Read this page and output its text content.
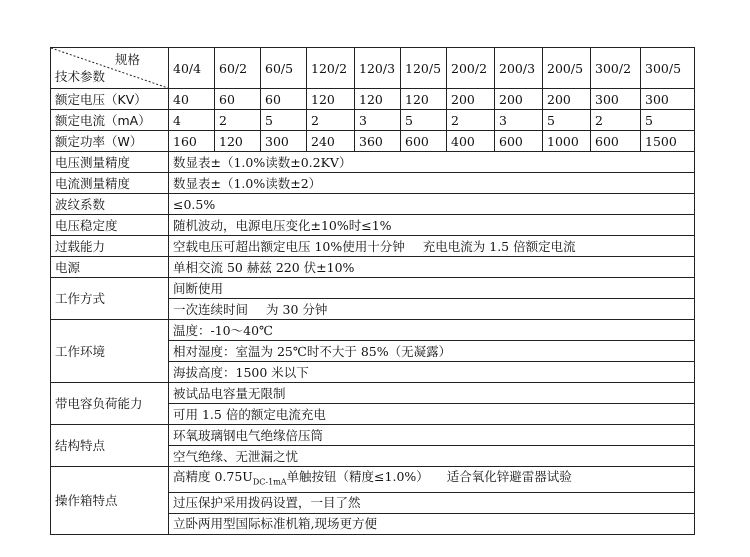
规格
技术参数	40/4	60/2	60/5	120/2	120/3	120/5	200/2	200/3	200/5	300/2	300/5
额定电压（KV）	40	60	60	120	120	120	200	200	200	300	300
额定电流（mA）	4	2	5	2	3	5	2	3	5	2	5
额定功率（W）	160	120	300	240	360	600	400	600	1000	600	1500
电压测量精度	数显表±（1.0%读数±0.2KV）										
电流测量精度	数显表±（1.0%读数±2）										
波纹系数	≤0.5%										
电压稳定度	随机波动，电源电压变化±10%时≤1%										
过载能力	空载电压可超出额定电压 10%使用十分钟 充电电流为 1.5 倍额定电流										
电源	单相交流 50 赫兹 220 伏±10%										
工作方式	间断使用										
	一次连续时间 为 30 分钟										
工作环境	温度：-10～40℃										
	相对湿度：室温为 25℃时不大于 85%（无凝露）										
	海拔高度：1500 米以下										
带电容负荷能力	被试品电容量无限制										
	可用 1.5 倍的额定电流充电										
结构特点	环氧玻璃钢电气绝缘倍压筒										
	空气绝缘、无泄漏之忧										
操作箱特点	高精度 $0.75U_{DC-1mA}$单触按钮（精度≤1.0%） 适合氧化锌避雷器试验										
	过压保护采用拨码设置，一目了然										
	立卧两用型国际标准机箱,现场更方便										
